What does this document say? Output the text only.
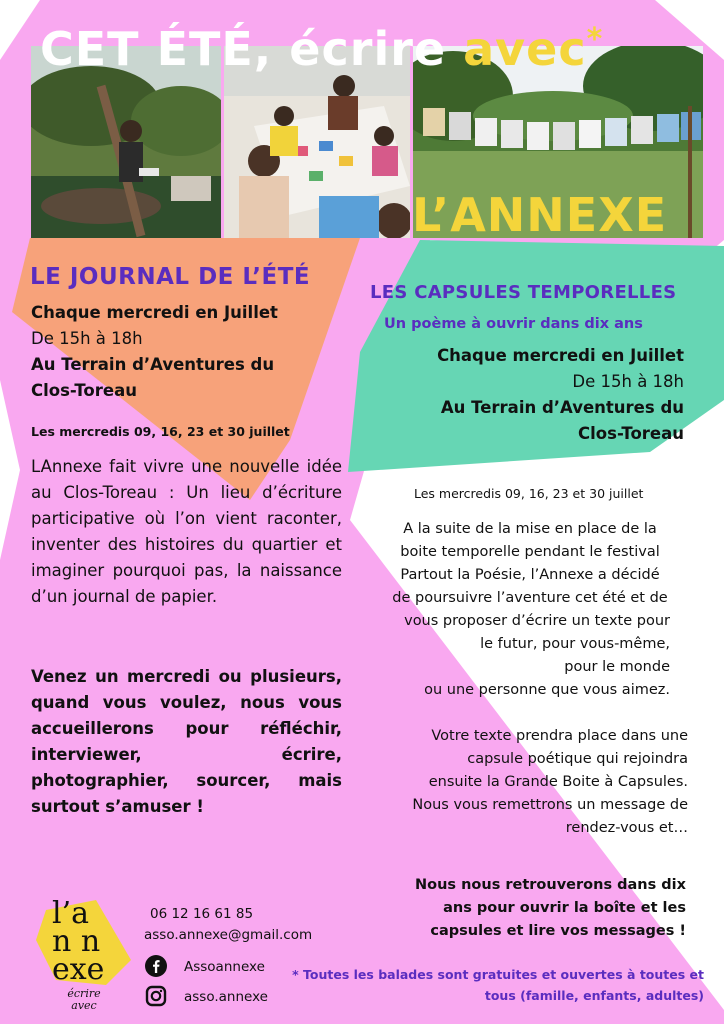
CET ÉTÉ, écrire avec*
L’ANNEXE
LE JOURNAL DE L’ÉTÉ
Chaque mercredi en Juillet
De 15h à 18h
Au Terrain d’Aventures du
Clos-Toreau
Les mercredis 09, 16, 23 et 30 juillet
LAnnexe fait vivre une nouvelle idée au Clos-Toreau : Un lieu d’écriture participative où l’on vient raconter, inventer des histoires du quartier et imaginer pourquoi pas, la naissance d’un journal de papier.
Venez un mercredi ou plusieurs, quand vous voulez, nous vous accueillerons pour réfléchir, interviewer, écrire, photographier, sourcer, mais surtout s’amuser !
LES CAPSULES TEMPORELLES
Un poème à ouvrir dans dix ans
Chaque mercredi en Juillet
De 15h à 18h
Au Terrain d’Aventures du
Clos-Toreau
Les mercredis 09, 16, 23 et 30 juillet

A la suite de la mise en place de la

boite temporelle pendant le festival

Partout la Poésie, l’Annexe a décidé

de poursuivre l’aventure cet été et de

vous proposer d’écrire un texte pour

le futur, pour vous-même,

pour le monde

ou une personne que vous aimez.

Votre texte prendra place dans une

capsule poétique qui rejoindra

ensuite la Grande Boite à Capsules.

Nous vous remettrons un message de

rendez-vous et…

Nous nous retrouverons dans dix
ans pour ouvrir la boîte et les
capsules et lire vos messages !
l’a
n n
exe
écrire
avec
06 12 16 61 85
asso.annexe@gmail.com
Assoannexe
asso.annexe
* Toutes les balades sont gratuites et ouvertes à toutes et tous (famille, enfants, adultes)
